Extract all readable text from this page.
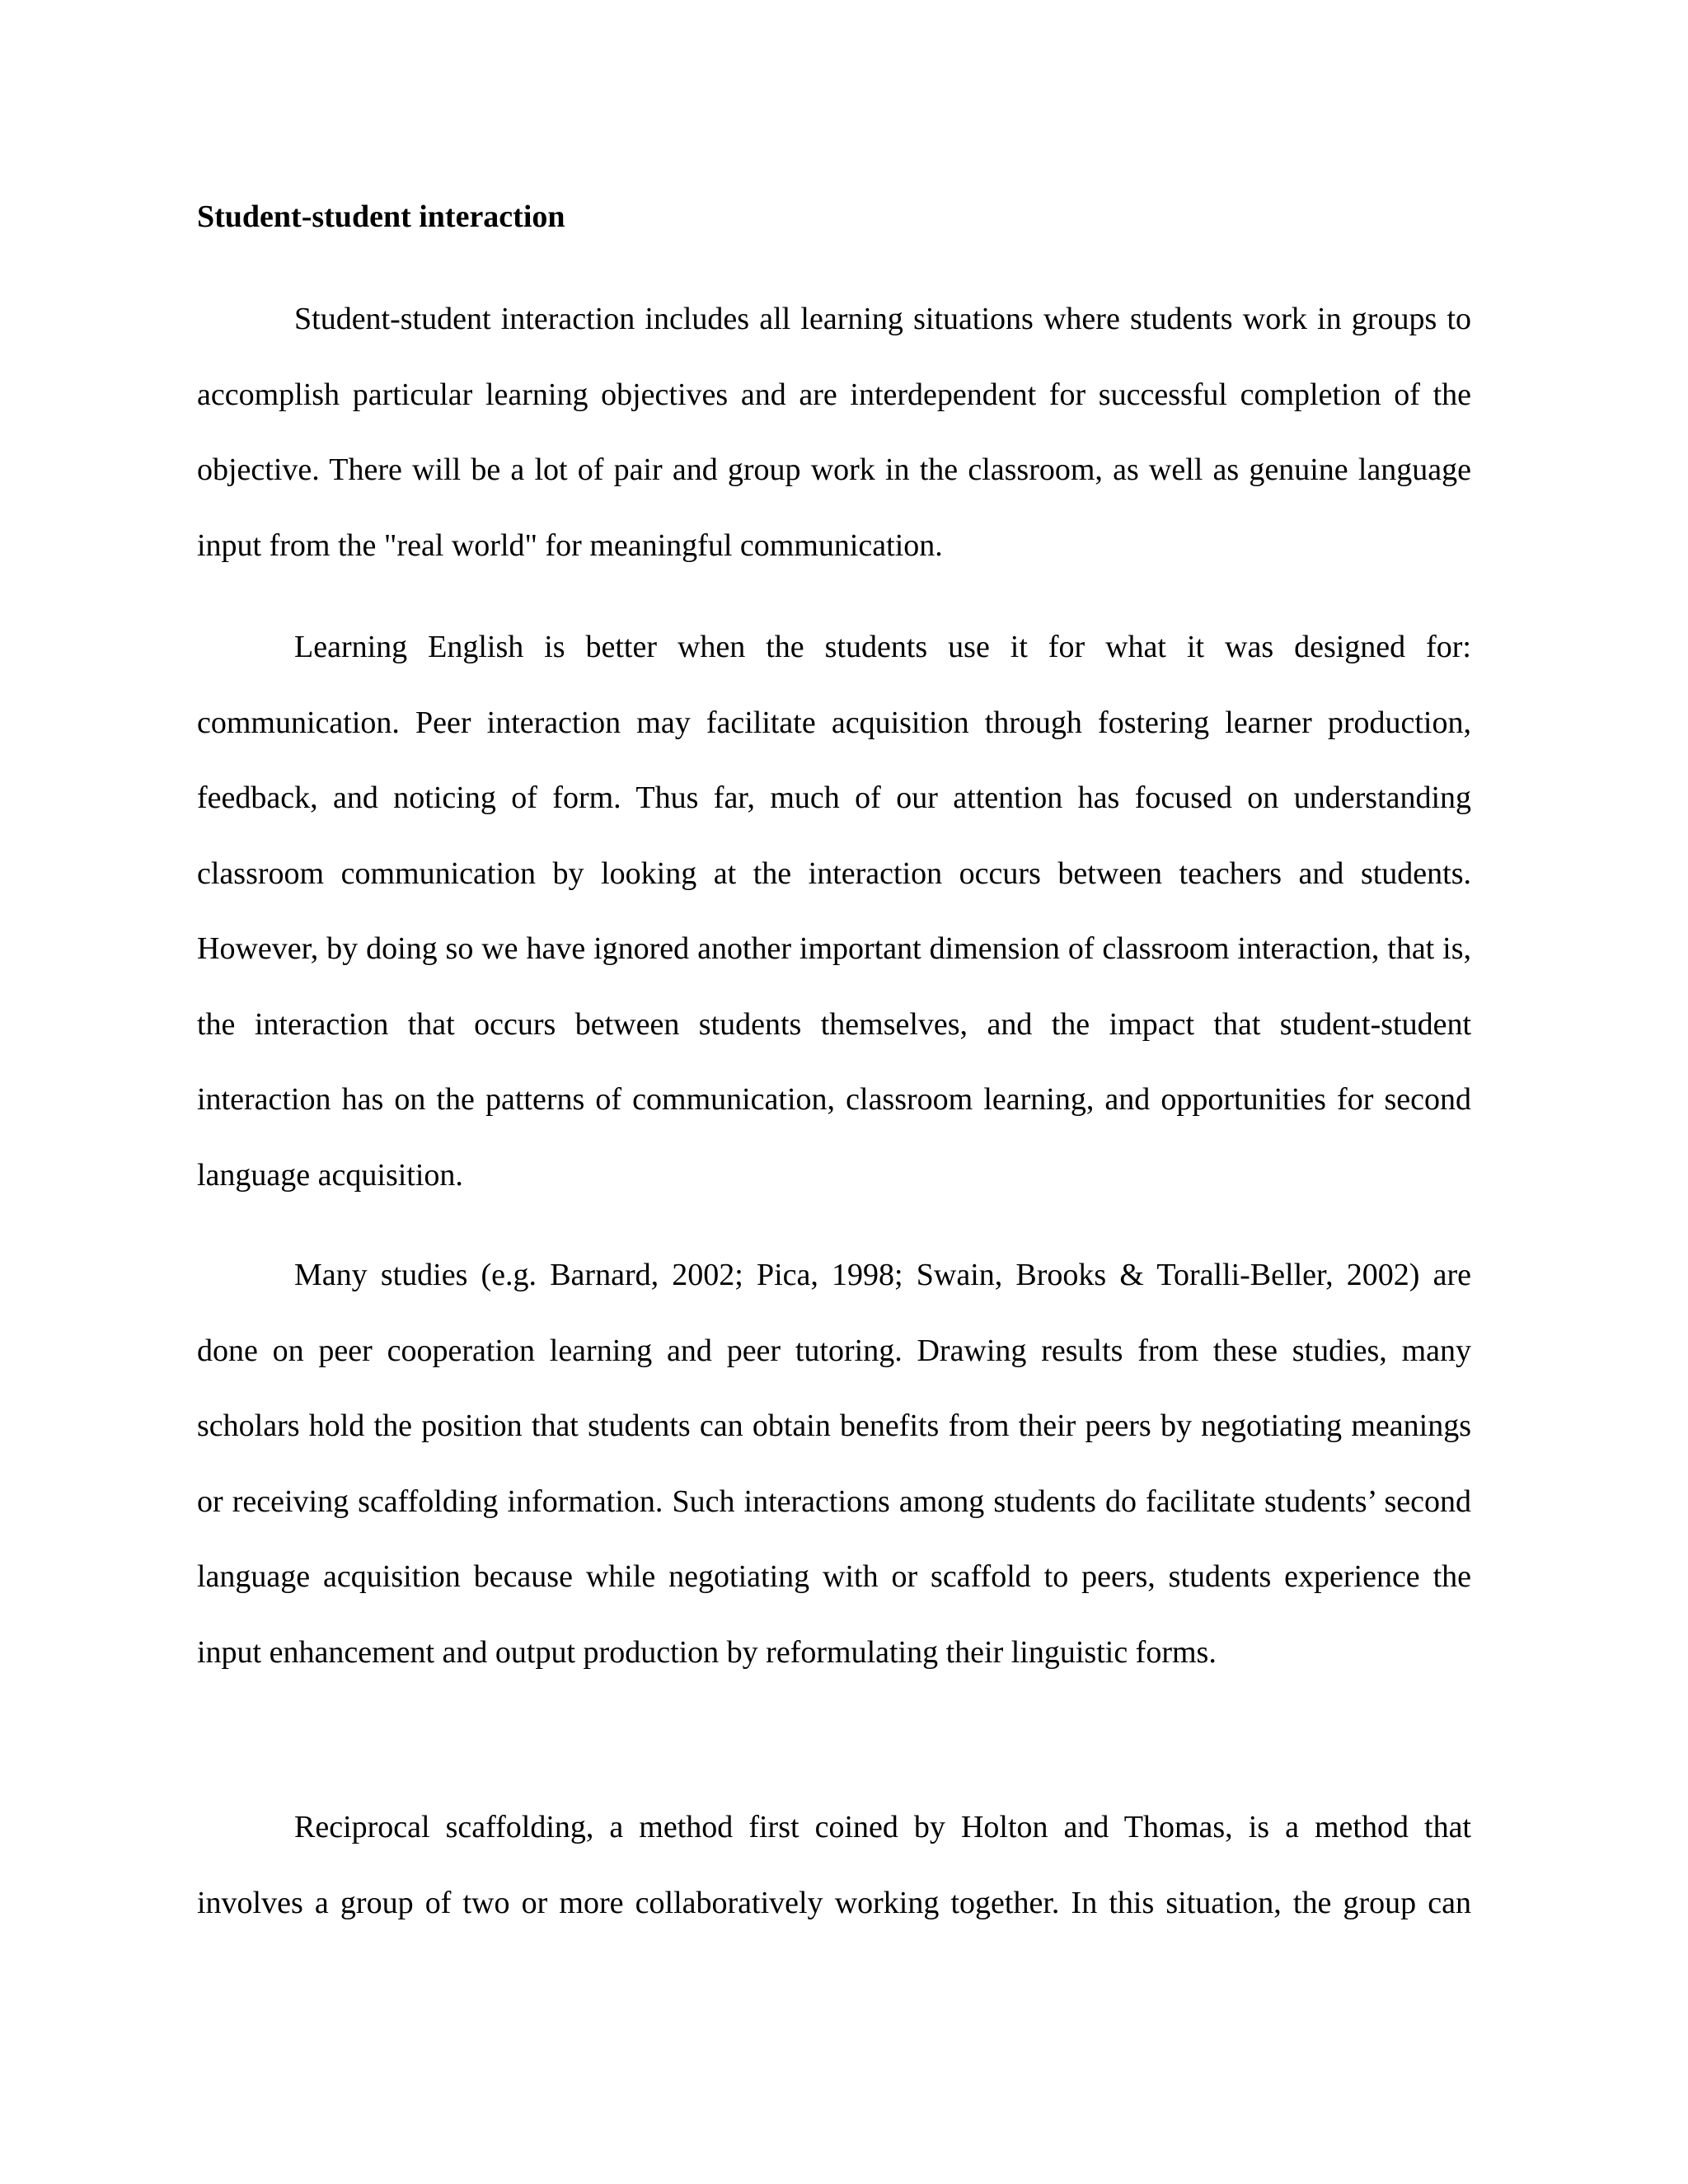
Student-student interaction

Student-student interaction includes all learning situations where students work in groups to accomplish particular learning objectives and are interdependent for successful completion of the objective. There will be a lot of pair and group work in the classroom, as well as genuine language input from the "real world" for meaningful communication.

Learning English is better when the students use it for what it was designed for: communication. Peer interaction may facilitate acquisition through fostering learner production, feedback, and noticing of form. Thus far, much of our attention has focused on understanding classroom communication by looking at the interaction occurs between teachers and students. However, by doing so we have ignored another important dimension of classroom interaction, that is, the interaction that occurs between students themselves, and the impact that student-student interaction has on the patterns of communication, classroom learning, and opportunities for second language acquisition.

Many studies (e.g. Barnard, 2002; Pica, 1998; Swain, Brooks & Toralli-Beller, 2002) are done on peer cooperation learning and peer tutoring. Drawing results from these studies, many scholars hold the position that students can obtain benefits from their peers by negotiating meanings or receiving scaffolding information. Such interactions among students do facilitate students’ second language acquisition because while negotiating with or scaffold to peers, students experience the input enhancement and output production by reformulating their linguistic forms.

Reciprocal scaffolding, a method first coined by Holton and Thomas, is a method that involves a group of two or more collaboratively working together. In this situation, the group can
